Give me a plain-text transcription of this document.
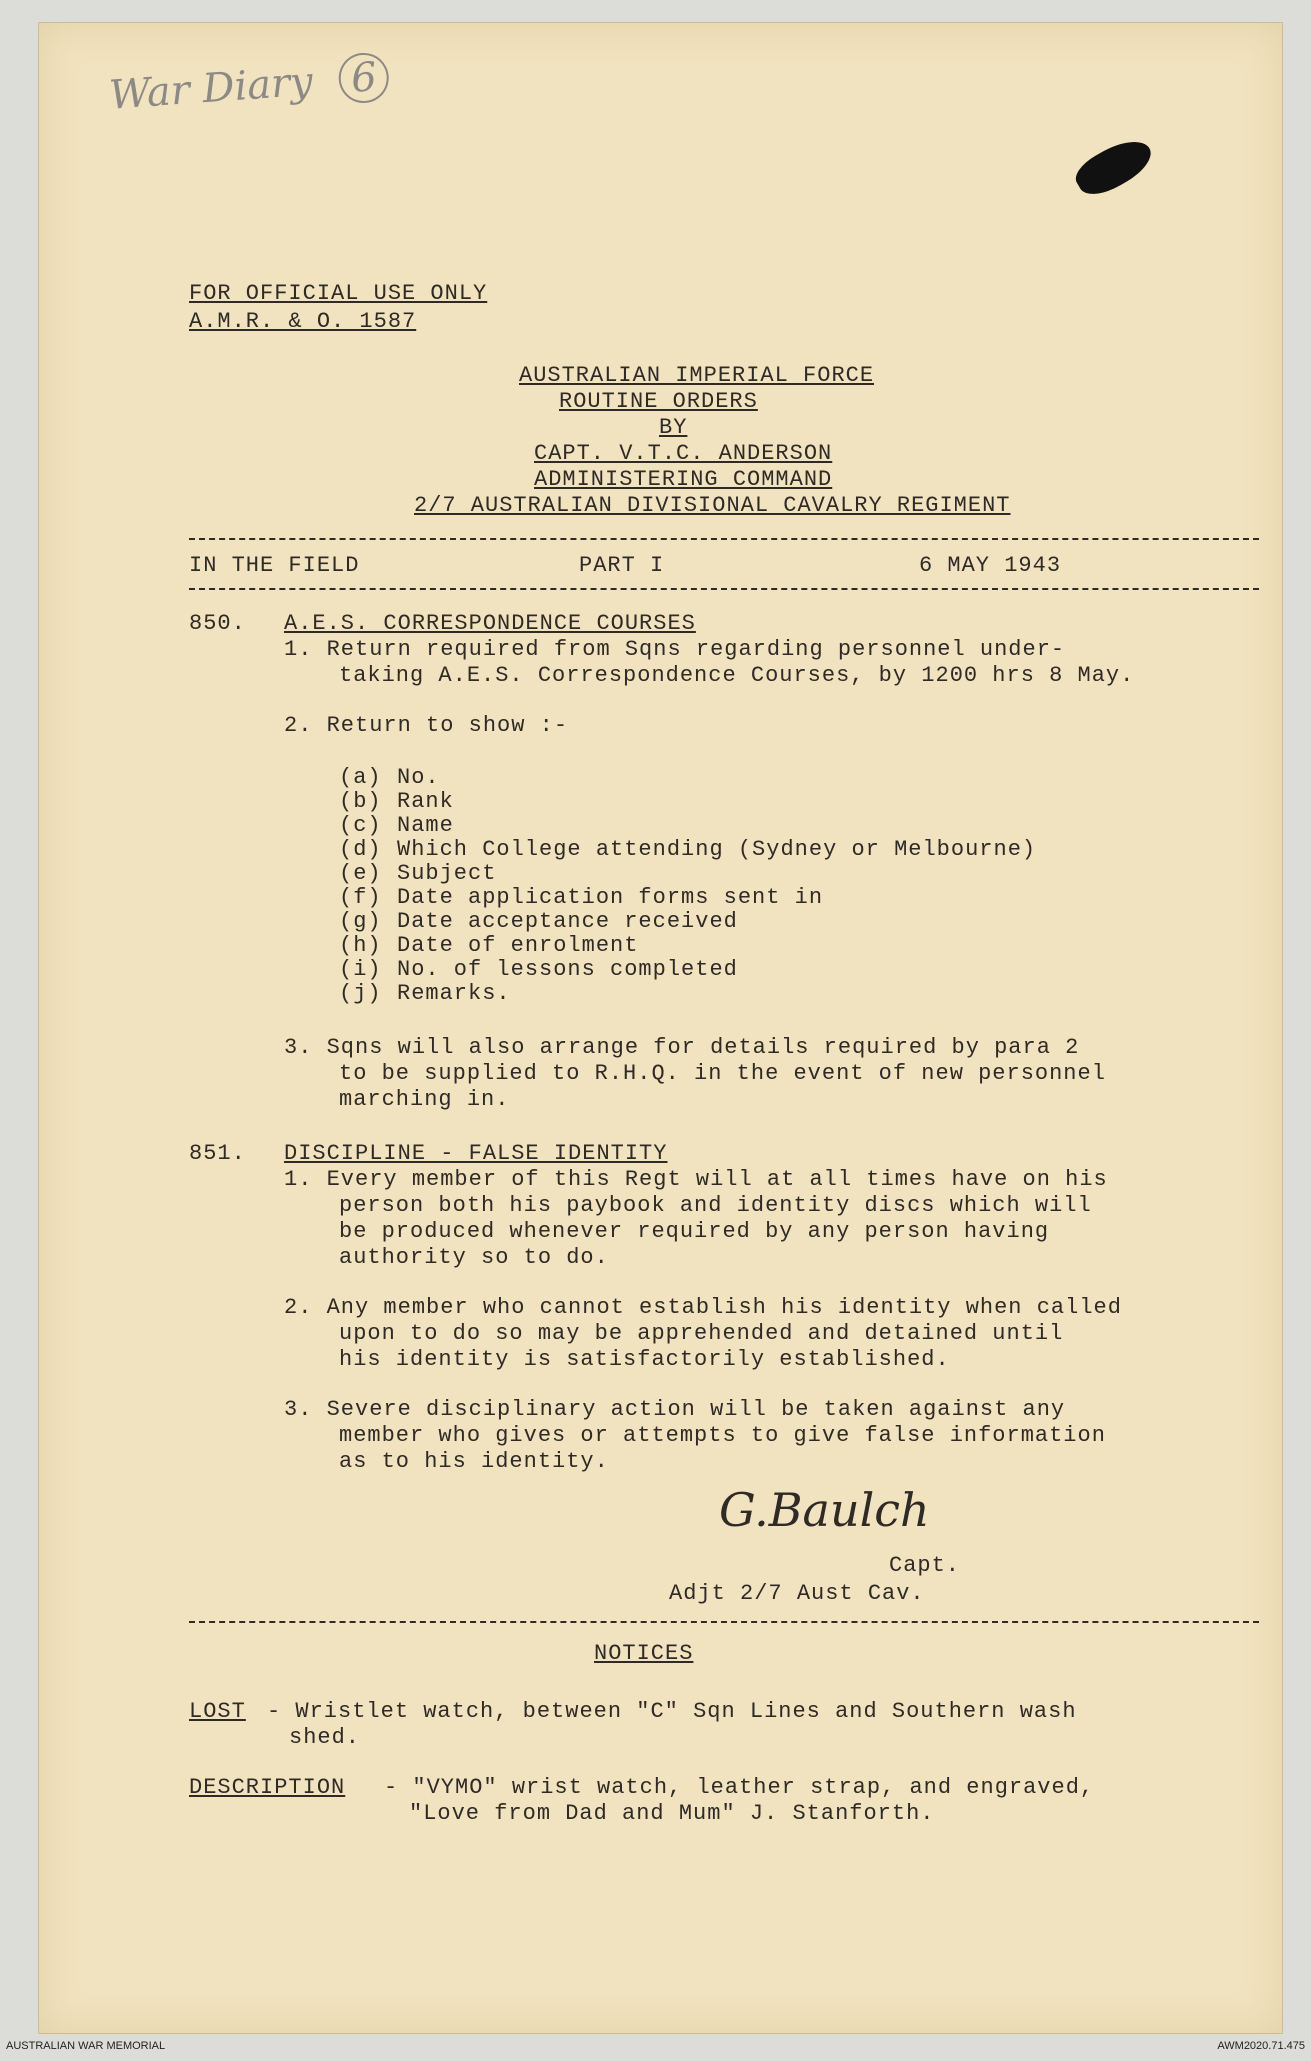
War Diary 6
FOR OFFICIAL USE ONLY
A.M.R. & O. 1587
AUSTRALIAN IMPERIAL FORCE
ROUTINE ORDERS
BY
CAPT. V.T.C. ANDERSON
ADMINISTERING COMMAND
2/7 AUSTRALIAN DIVISIONAL CAVALRY REGIMENT
IN THE FIELD	PART I	6 MAY 1943
850. A.E.S. CORRESPONDENCE COURSES
1. Return required from Sqns regarding personnel under-
taking A.E.S. Correspondence Courses, by 1200 hrs 8 May.
2. Return to show :-
(a) No.
(b) Rank
(c) Name
(d) Which College attending (Sydney or Melbourne)
(e) Subject
(f) Date application forms sent in
(g) Date acceptance received
(h) Date of enrolment
(i) No. of lessons completed
(j) Remarks.
3. Sqns will also arrange for details required by para 2
to be supplied to R.H.Q. in the event of new personnel
marching in.
851. DISCIPLINE - FALSE IDENTITY
1. Every member of this Regt will at all times have on his
person both his paybook and identity discs which will
be produced whenever required by any person having
authority so to do.
2. Any member who cannot establish his identity when called
upon to do so may be apprehended and detained until
his identity is satisfactorily established.
3. Severe disciplinary action will be taken against any
member who gives or attempts to give false information
as to his identity.
G.Baulch
Capt.
Adjt 2/7 Aust Cav.
NOTICES
LOST - Wristlet watch, between "C" Sqn Lines and Southern wash
shed.
DESCRIPTION - "VYMO" wrist watch, leather strap, and engraved,
"Love from Dad and Mum" J. Stanforth.
AUSTRALIAN WAR MEMORIAL	AWM2020.71.475
